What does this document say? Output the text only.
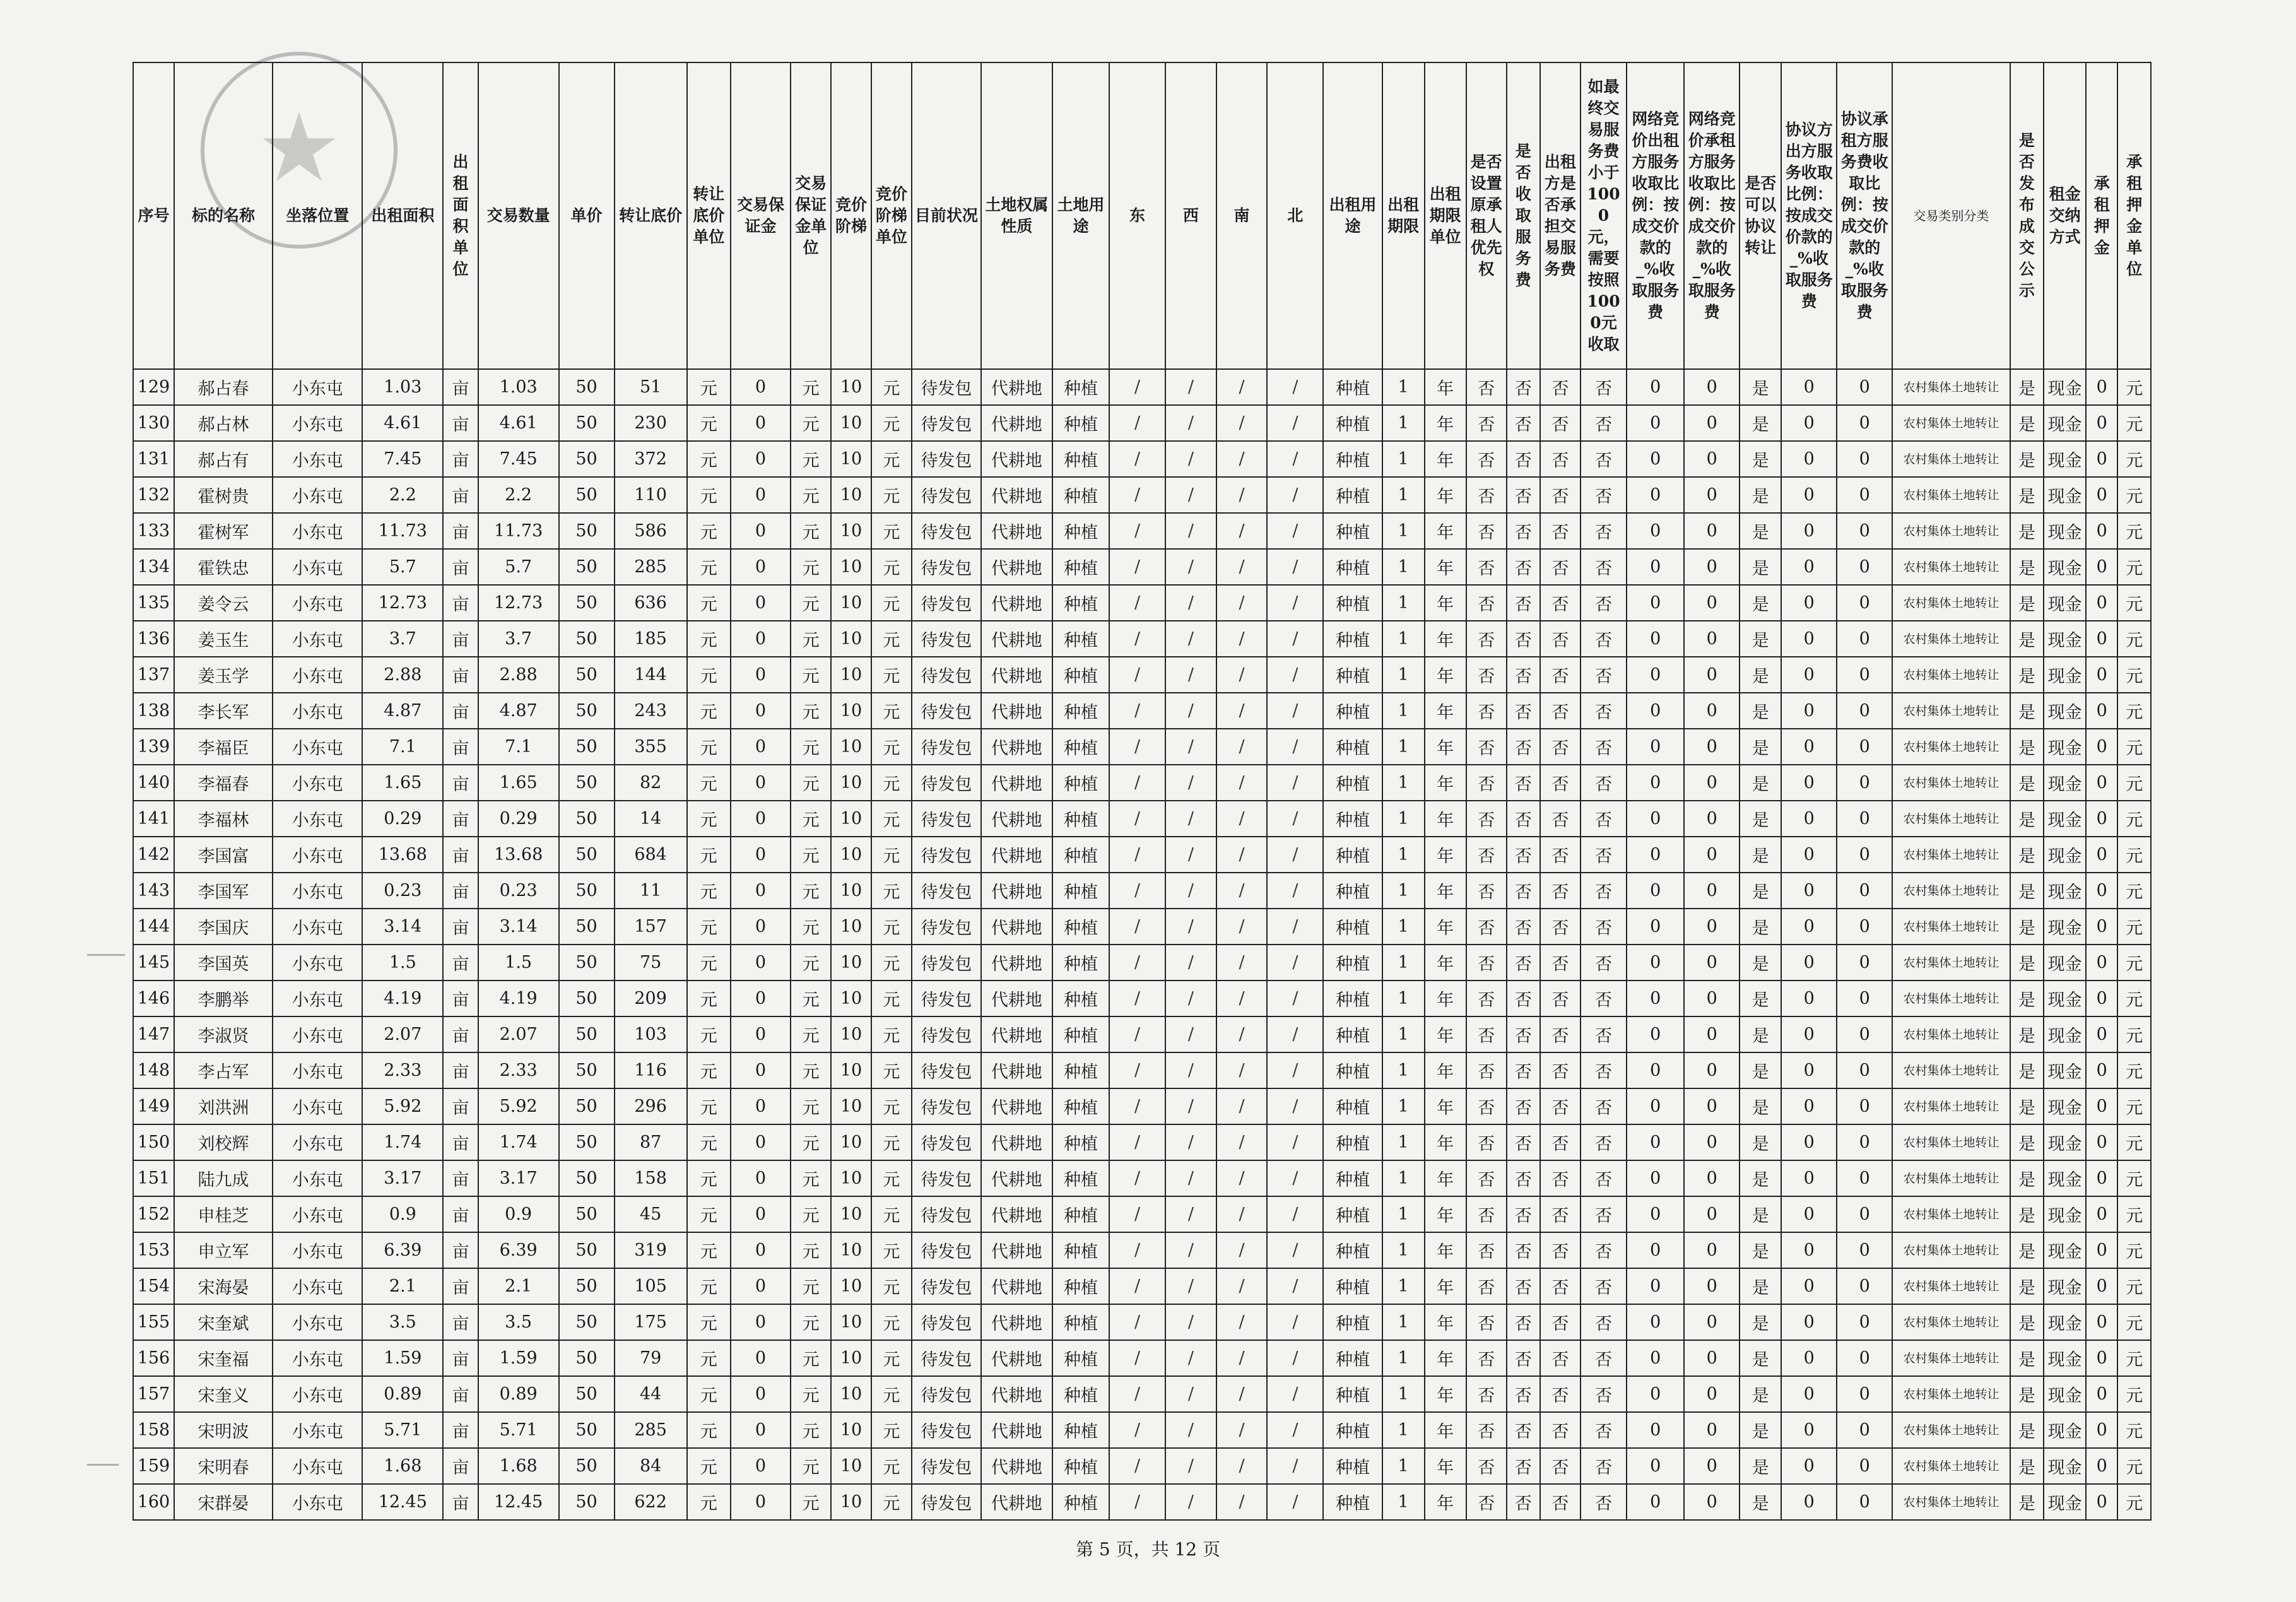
★
序号	标的名称	坐落位置	出租面积	出租面积单位	交易数量	单价	转让底价	转让底价单位	交易保证金	交易保证金单位	竞价阶梯	竞价阶梯单位	目前状况	土地权属性质	土地用途	东	西	南	北	出租用途	出租期限	出租期限单位	是否设置原承租人优先权	是否收取服务费	出租方是否承担交易服务费	如最终交易服务费小于1000元，需要按照1000元收取	网络竞价出租方服务收取比例：按成交价款的_%收取服务费	网络竞价承租方服务收取比例：按成交价款的_%收取服务费	是否可以协议转让	协议方出方服务收取比例：按成交价款的_%收取服务费	协议承租方服务费收取比例：按成交价款的_%收取服务费	交易类别分类	是否发布成交公示	租金交纳方式	承租押金	承租押金单位
129	郝占春	小东屯	1.03	亩	1.03	50	51	元	0	元	10	元	待发包	代耕地	种植	/	/	/	/	种植	1	年	否	否	否	否	0	0	是	0	0	农村集体土地转让	是	现金	0	元
130	郝占林	小东屯	4.61	亩	4.61	50	230	元	0	元	10	元	待发包	代耕地	种植	/	/	/	/	种植	1	年	否	否	否	否	0	0	是	0	0	农村集体土地转让	是	现金	0	元
131	郝占有	小东屯	7.45	亩	7.45	50	372	元	0	元	10	元	待发包	代耕地	种植	/	/	/	/	种植	1	年	否	否	否	否	0	0	是	0	0	农村集体土地转让	是	现金	0	元
132	霍树贵	小东屯	2.2	亩	2.2	50	110	元	0	元	10	元	待发包	代耕地	种植	/	/	/	/	种植	1	年	否	否	否	否	0	0	是	0	0	农村集体土地转让	是	现金	0	元
133	霍树军	小东屯	11.73	亩	11.73	50	586	元	0	元	10	元	待发包	代耕地	种植	/	/	/	/	种植	1	年	否	否	否	否	0	0	是	0	0	农村集体土地转让	是	现金	0	元
134	霍铁忠	小东屯	5.7	亩	5.7	50	285	元	0	元	10	元	待发包	代耕地	种植	/	/	/	/	种植	1	年	否	否	否	否	0	0	是	0	0	农村集体土地转让	是	现金	0	元
135	姜令云	小东屯	12.73	亩	12.73	50	636	元	0	元	10	元	待发包	代耕地	种植	/	/	/	/	种植	1	年	否	否	否	否	0	0	是	0	0	农村集体土地转让	是	现金	0	元
136	姜玉生	小东屯	3.7	亩	3.7	50	185	元	0	元	10	元	待发包	代耕地	种植	/	/	/	/	种植	1	年	否	否	否	否	0	0	是	0	0	农村集体土地转让	是	现金	0	元
137	姜玉学	小东屯	2.88	亩	2.88	50	144	元	0	元	10	元	待发包	代耕地	种植	/	/	/	/	种植	1	年	否	否	否	否	0	0	是	0	0	农村集体土地转让	是	现金	0	元
138	李长军	小东屯	4.87	亩	4.87	50	243	元	0	元	10	元	待发包	代耕地	种植	/	/	/	/	种植	1	年	否	否	否	否	0	0	是	0	0	农村集体土地转让	是	现金	0	元
139	李福臣	小东屯	7.1	亩	7.1	50	355	元	0	元	10	元	待发包	代耕地	种植	/	/	/	/	种植	1	年	否	否	否	否	0	0	是	0	0	农村集体土地转让	是	现金	0	元
140	李福春	小东屯	1.65	亩	1.65	50	82	元	0	元	10	元	待发包	代耕地	种植	/	/	/	/	种植	1	年	否	否	否	否	0	0	是	0	0	农村集体土地转让	是	现金	0	元
141	李福林	小东屯	0.29	亩	0.29	50	14	元	0	元	10	元	待发包	代耕地	种植	/	/	/	/	种植	1	年	否	否	否	否	0	0	是	0	0	农村集体土地转让	是	现金	0	元
142	李国富	小东屯	13.68	亩	13.68	50	684	元	0	元	10	元	待发包	代耕地	种植	/	/	/	/	种植	1	年	否	否	否	否	0	0	是	0	0	农村集体土地转让	是	现金	0	元
143	李国军	小东屯	0.23	亩	0.23	50	11	元	0	元	10	元	待发包	代耕地	种植	/	/	/	/	种植	1	年	否	否	否	否	0	0	是	0	0	农村集体土地转让	是	现金	0	元
144	李国庆	小东屯	3.14	亩	3.14	50	157	元	0	元	10	元	待发包	代耕地	种植	/	/	/	/	种植	1	年	否	否	否	否	0	0	是	0	0	农村集体土地转让	是	现金	0	元
145	李国英	小东屯	1.5	亩	1.5	50	75	元	0	元	10	元	待发包	代耕地	种植	/	/	/	/	种植	1	年	否	否	否	否	0	0	是	0	0	农村集体土地转让	是	现金	0	元
146	李鹏举	小东屯	4.19	亩	4.19	50	209	元	0	元	10	元	待发包	代耕地	种植	/	/	/	/	种植	1	年	否	否	否	否	0	0	是	0	0	农村集体土地转让	是	现金	0	元
147	李淑贤	小东屯	2.07	亩	2.07	50	103	元	0	元	10	元	待发包	代耕地	种植	/	/	/	/	种植	1	年	否	否	否	否	0	0	是	0	0	农村集体土地转让	是	现金	0	元
148	李占军	小东屯	2.33	亩	2.33	50	116	元	0	元	10	元	待发包	代耕地	种植	/	/	/	/	种植	1	年	否	否	否	否	0	0	是	0	0	农村集体土地转让	是	现金	0	元
149	刘洪洲	小东屯	5.92	亩	5.92	50	296	元	0	元	10	元	待发包	代耕地	种植	/	/	/	/	种植	1	年	否	否	否	否	0	0	是	0	0	农村集体土地转让	是	现金	0	元
150	刘校辉	小东屯	1.74	亩	1.74	50	87	元	0	元	10	元	待发包	代耕地	种植	/	/	/	/	种植	1	年	否	否	否	否	0	0	是	0	0	农村集体土地转让	是	现金	0	元
151	陆九成	小东屯	3.17	亩	3.17	50	158	元	0	元	10	元	待发包	代耕地	种植	/	/	/	/	种植	1	年	否	否	否	否	0	0	是	0	0	农村集体土地转让	是	现金	0	元
152	申桂芝	小东屯	0.9	亩	0.9	50	45	元	0	元	10	元	待发包	代耕地	种植	/	/	/	/	种植	1	年	否	否	否	否	0	0	是	0	0	农村集体土地转让	是	现金	0	元
153	申立军	小东屯	6.39	亩	6.39	50	319	元	0	元	10	元	待发包	代耕地	种植	/	/	/	/	种植	1	年	否	否	否	否	0	0	是	0	0	农村集体土地转让	是	现金	0	元
154	宋海晏	小东屯	2.1	亩	2.1	50	105	元	0	元	10	元	待发包	代耕地	种植	/	/	/	/	种植	1	年	否	否	否	否	0	0	是	0	0	农村集体土地转让	是	现金	0	元
155	宋奎斌	小东屯	3.5	亩	3.5	50	175	元	0	元	10	元	待发包	代耕地	种植	/	/	/	/	种植	1	年	否	否	否	否	0	0	是	0	0	农村集体土地转让	是	现金	0	元
156	宋奎福	小东屯	1.59	亩	1.59	50	79	元	0	元	10	元	待发包	代耕地	种植	/	/	/	/	种植	1	年	否	否	否	否	0	0	是	0	0	农村集体土地转让	是	现金	0	元
157	宋奎义	小东屯	0.89	亩	0.89	50	44	元	0	元	10	元	待发包	代耕地	种植	/	/	/	/	种植	1	年	否	否	否	否	0	0	是	0	0	农村集体土地转让	是	现金	0	元
158	宋明波	小东屯	5.71	亩	5.71	50	285	元	0	元	10	元	待发包	代耕地	种植	/	/	/	/	种植	1	年	否	否	否	否	0	0	是	0	0	农村集体土地转让	是	现金	0	元
159	宋明春	小东屯	1.68	亩	1.68	50	84	元	0	元	10	元	待发包	代耕地	种植	/	/	/	/	种植	1	年	否	否	否	否	0	0	是	0	0	农村集体土地转让	是	现金	0	元
160	宋群晏	小东屯	12.45	亩	12.45	50	622	元	0	元	10	元	待发包	代耕地	种植	/	/	/	/	种植	1	年	否	否	否	否	0	0	是	0	0	农村集体土地转让	是	现金	0	元
第 5 页，共 12 页
